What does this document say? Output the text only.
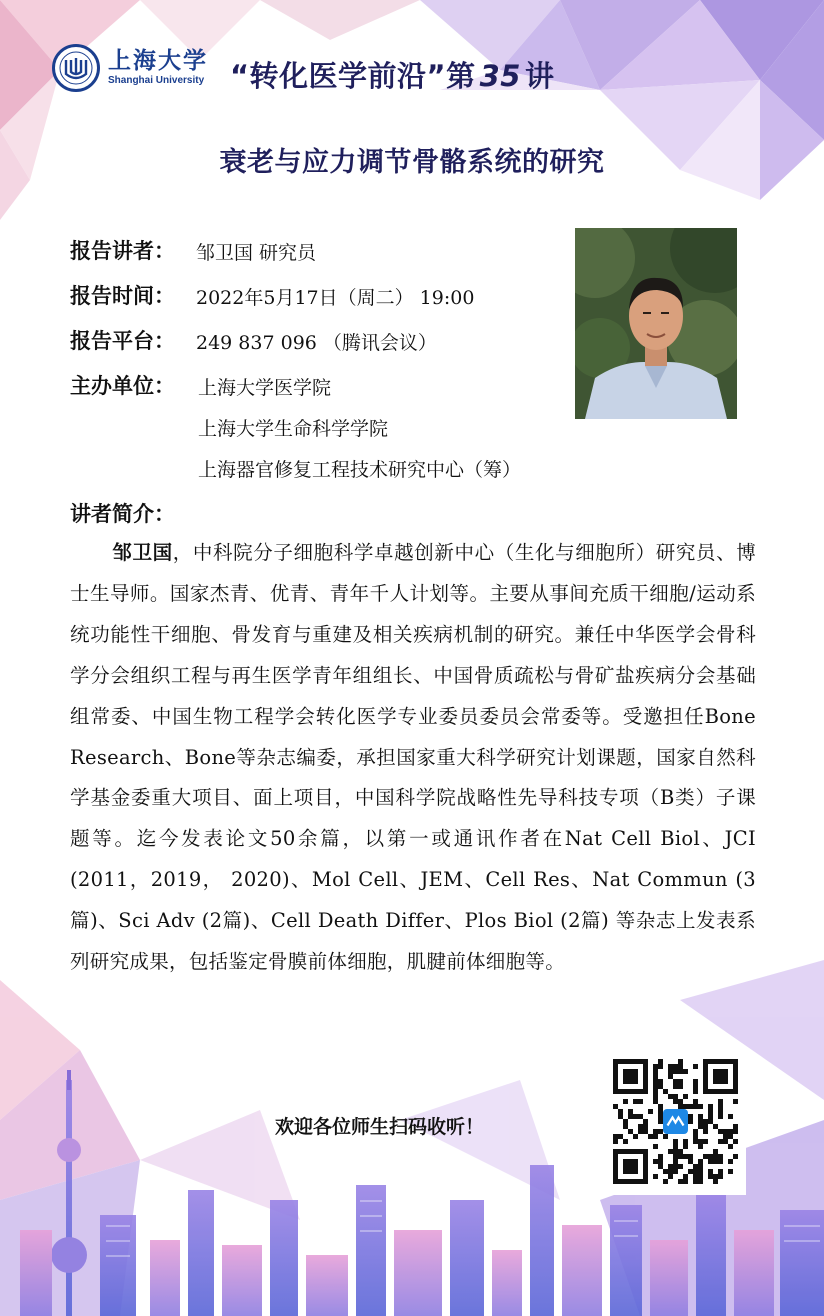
上海大学
Shanghai University “转化医学前沿”第 35 讲
衰老与应力调节骨骼系统的研究
报告讲者： 邹卫国 研究员
报告时间： 2022年5月17日（周二） 19:00
报告平台： 249 837 096 （腾讯会议）
主办单位： 上海大学医学院
上海大学生命科学学院
上海器官修复工程技术研究中心（筹）
讲者简介：
邹卫国，中科院分子细胞科学卓越创新中心（生化与细胞所）研究员、博士生导师。国家杰青、优青、青年千人计划等。主要从事间充质干细胞/运动系统功能性干细胞、骨发育与重建及相关疾病机制的研究。兼任中华医学会骨科学分会组织工程与再生医学青年组组长、中国骨质疏松与骨矿盐疾病分会基础组常委、中国生物工程学会转化医学专业委员委员会常委等。受邀担任Bone Research、Bone等杂志编委，承担国家重大科学研究计划课题，国家自然科学基金委重大项目、面上项目，中国科学院战略性先导科技专项（B类）子课题等。迄今发表论文50余篇，以第一或通讯作者在Nat Cell Biol、JCI (2011，2019， 2020)、Mol Cell、JEM、Cell Res、Nat Commun (3篇)、Sci Adv (2篇)、Cell Death Differ、Plos Biol (2篇) 等杂志上发表系列研究成果，包括鉴定骨膜前体细胞，肌腱前体细胞等。
欢迎各位师生扫码收听！
